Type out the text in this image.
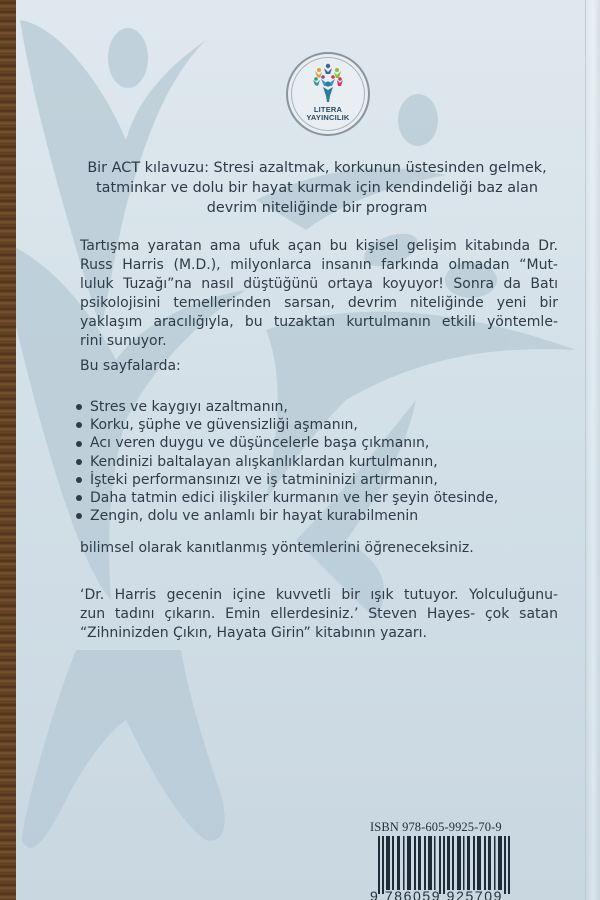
LITERA
YAYINCILIK
Bir ACT kılavuzu: Stresi azaltmak, korkunun üstesinden gelmek,
tatminkar ve dolu bir hayat kurmak için kendindeliği baz alan
devrim niteliğinde bir program
Tartışma yaratan ama ufuk açan bu kişisel gelişim kitabında Dr.
Russ Harris (M.D.), milyonlarca insanın farkında olmadan “Mut-
luluk Tuzağı”na nasıl düştüğünü ortaya koyuyor! Sonra da Batı
psikolojisini temellerinden sarsan, devrim niteliğinde yeni bir
yaklaşım aracılığıyla, bu tuzaktan kurtulmanın etkili yöntemle-
rini sunuyor.
Bu sayfalarda:
Stres ve kaygıyı azaltmanın,
Korku, şüphe ve güvensizliği aşmanın,
Acı veren duygu ve düşüncelerle başa çıkmanın,
Kendinizi baltalayan alışkanlıklardan kurtulmanın,
İşteki performansınızı ve iş tatmininizi artırmanın,
Daha tatmin edici ilişkiler kurmanın ve her şeyin ötesinde,
Zengin, dolu ve anlamlı bir hayat kurabilmenin
bilimsel olarak kanıtlanmış yöntemlerini öğreneceksiniz.
‘Dr. Harris gecenin içine kuvvetli bir ışık tutuyor. Yolculuğunu-
zun tadını çıkarın. Emin ellerdesiniz.’ Steven Hayes- çok satan
“Zihninizden Çıkın, Hayata Girin” kitabının yazarı.
ISBN 978-605-9925-70-9
9 786059 925709
